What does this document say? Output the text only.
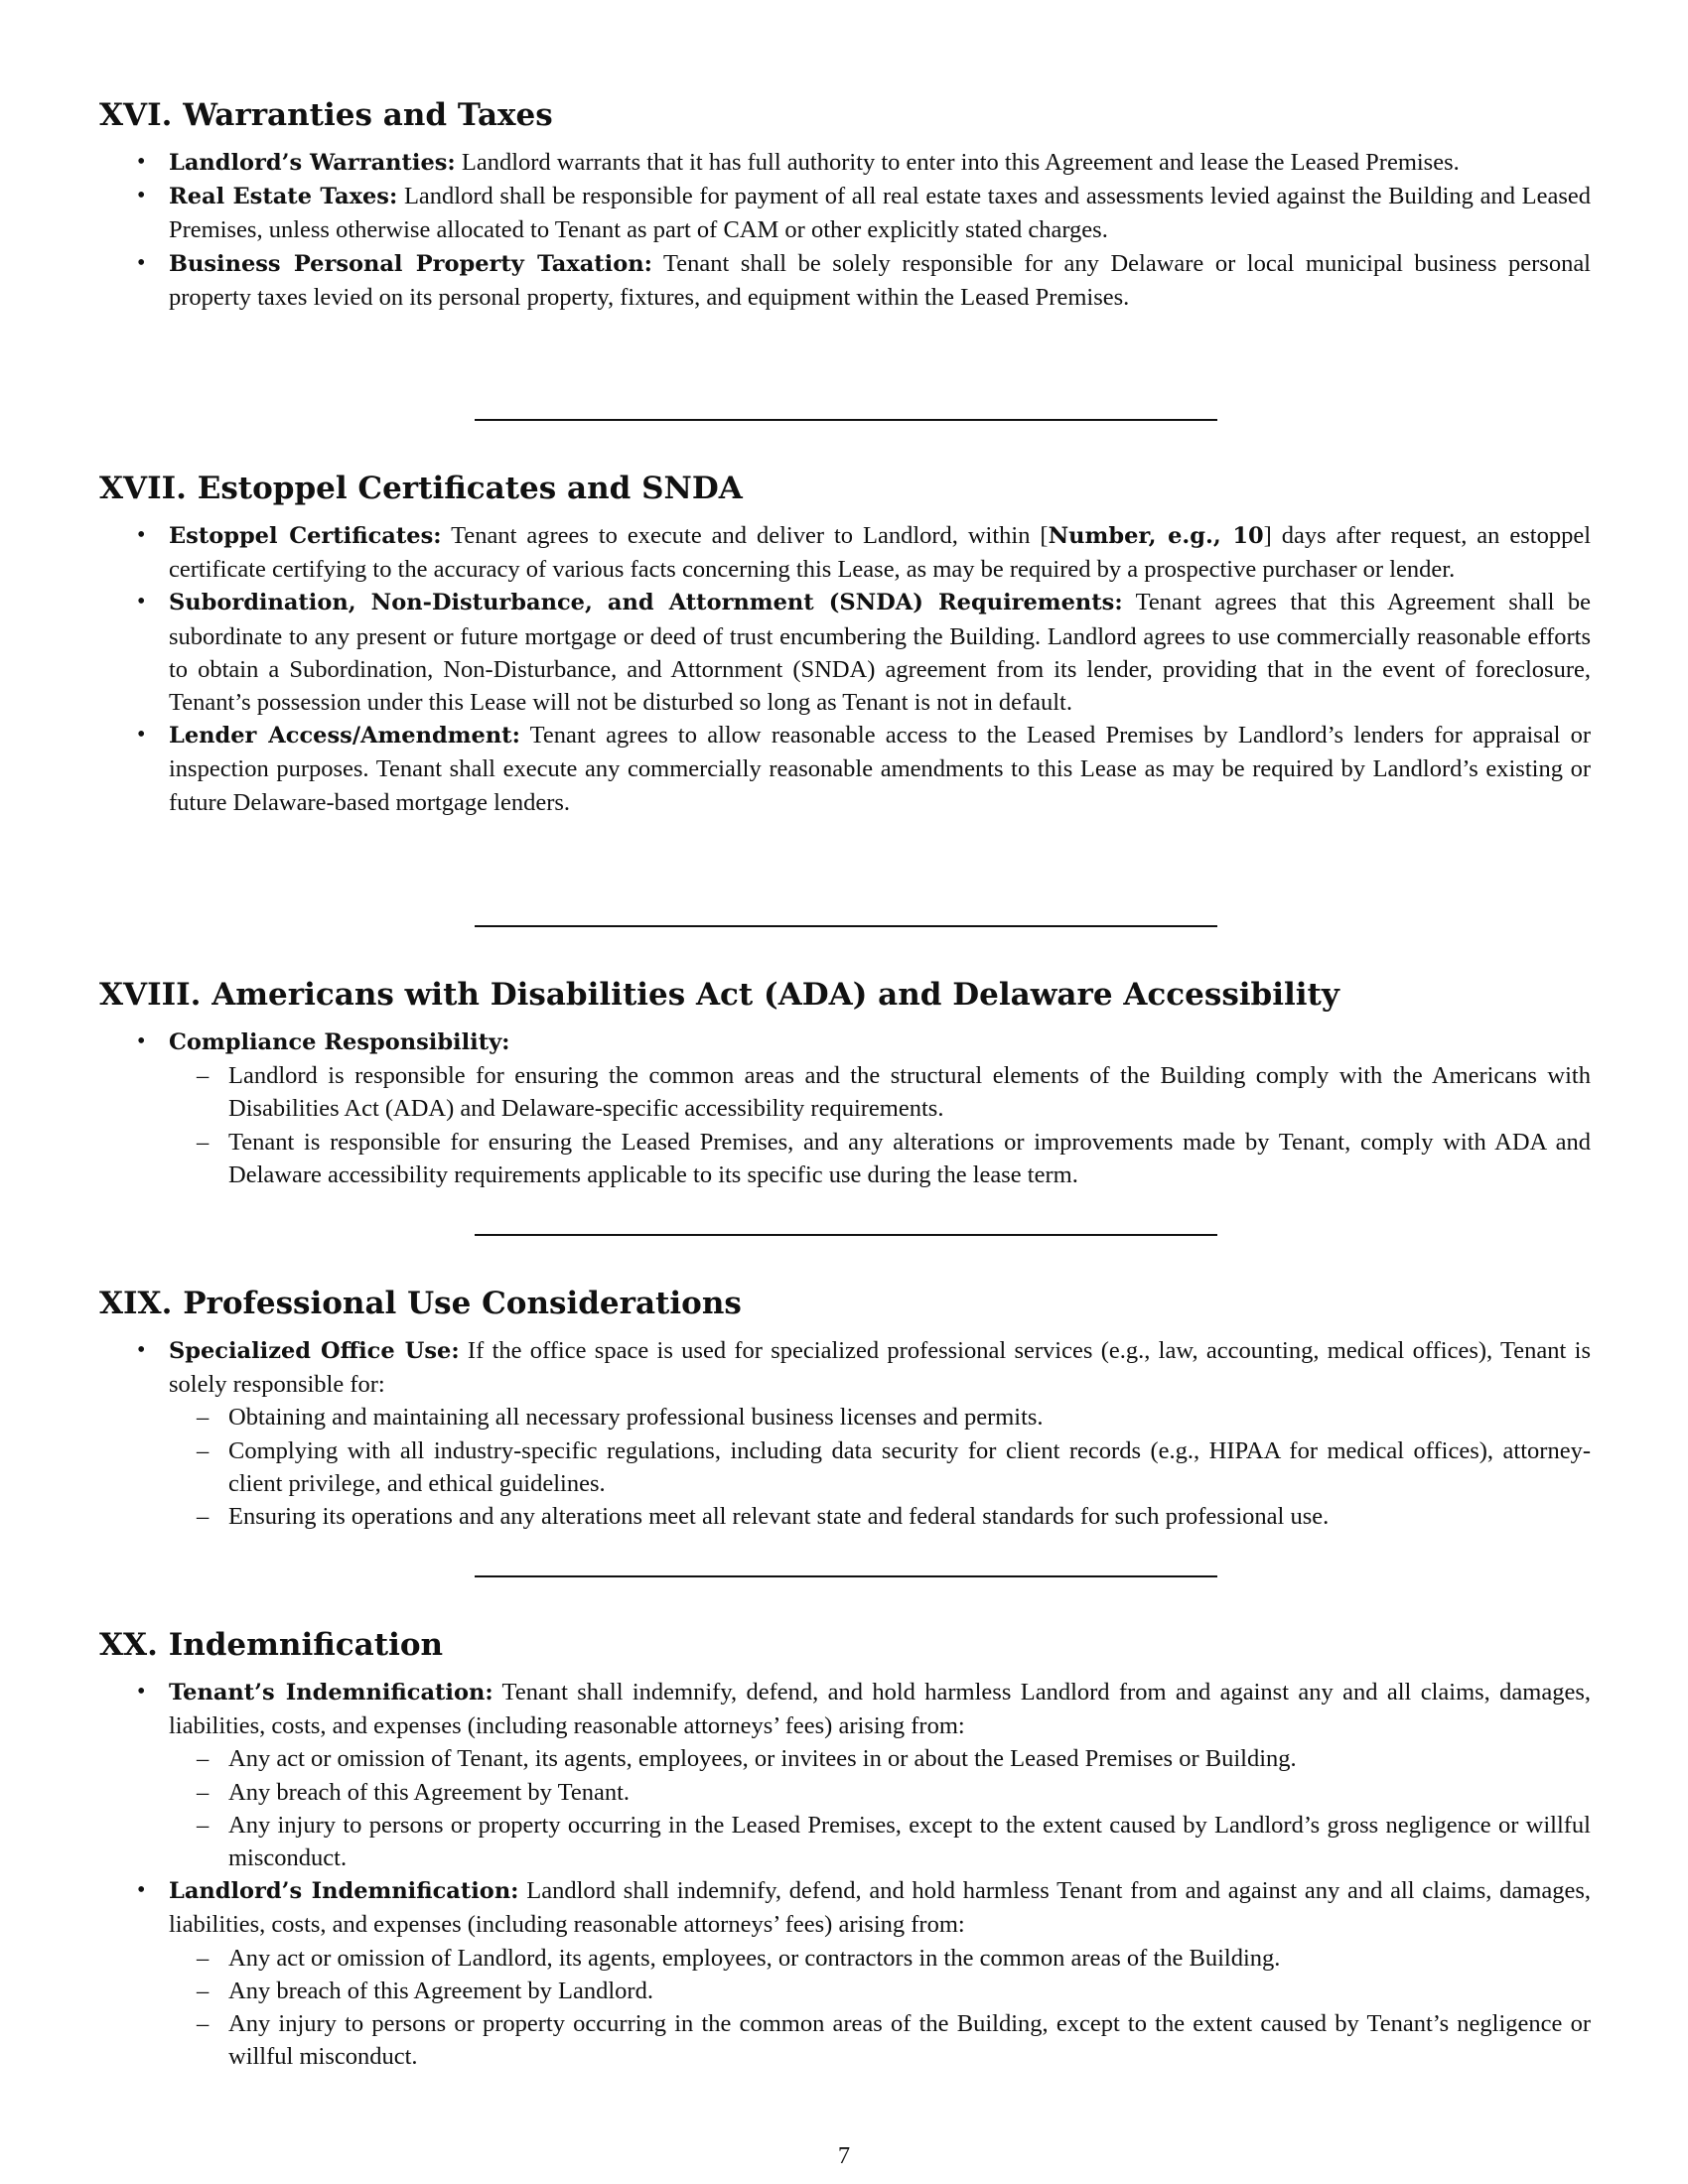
XVI. Warranties and Taxes
• Landlord’s Warranties: Landlord warrants that it has full authority to enter into this Agreement and lease the Leased Premises.
• Real Estate Taxes: Landlord shall be responsible for payment of all real estate taxes and assessments levied against the Building and Leased Premises, unless otherwise allocated to Tenant as part of CAM or other explicitly stated charges.
• Business Personal Property Taxation: Tenant shall be solely responsible for any Delaware or local municipal business personal property taxes levied on its personal property, fixtures, and equipment within the Leased Premises.
XVII. Estoppel Certificates and SNDA
• Estoppel Certificates: Tenant agrees to execute and deliver to Landlord, within [Number, e.g., 10] days after request, an estoppel certificate certifying to the accuracy of various facts concerning this Lease, as may be required by a prospective purchaser or lender.
• Subordination, Non-Disturbance, and Attornment (SNDA) Requirements: Tenant agrees that this Agreement shall be subordinate to any present or future mortgage or deed of trust encumbering the Building. Landlord agrees to use commercially reasonable efforts to obtain a Subordination, Non-Disturbance, and Attornment (SNDA) agreement from its lender, providing that in the event of foreclosure, Tenant’s possession under this Lease will not be disturbed so long as Tenant is not in default.
• Lender Access/Amendment: Tenant agrees to allow reasonable access to the Leased Premises by Landlord’s lenders for appraisal or inspection purposes. Tenant shall execute any commercially reasonable amendments to this Lease as may be required by Landlord’s existing or future Delaware-based mortgage lenders.
XVIII. Americans with Disabilities Act (ADA) and Delaware Accessibility
• Compliance Responsibility:
– Landlord is responsible for ensuring the common areas and the structural elements of the Building comply with the Americans with Disabilities Act (ADA) and Delaware-specific accessibility requirements.
– Tenant is responsible for ensuring the Leased Premises, and any alterations or improvements made by Tenant, comply with ADA and Delaware accessibility requirements applicable to its specific use during the lease term.
XIX. Professional Use Considerations
• Specialized Office Use: If the office space is used for specialized professional services (e.g., law, accounting, medical offices), Tenant is solely responsible for:
– Obtaining and maintaining all necessary professional business licenses and permits.
– Complying with all industry-specific regulations, including data security for client records (e.g., HIPAA for medical offices), attorney-client privilege, and ethical guidelines.
– Ensuring its operations and any alterations meet all relevant state and federal standards for such professional use.
XX. Indemnification
• Tenant’s Indemnification: Tenant shall indemnify, defend, and hold harmless Landlord from and against any and all claims, damages, liabilities, costs, and expenses (including reasonable attorneys’ fees) arising from:
– Any act or omission of Tenant, its agents, employees, or invitees in or about the Leased Premises or Building.
– Any breach of this Agreement by Tenant.
– Any injury to persons or property occurring in the Leased Premises, except to the extent caused by Landlord’s gross negligence or willful misconduct.
• Landlord’s Indemnification: Landlord shall indemnify, defend, and hold harmless Tenant from and against any and all claims, damages, liabilities, costs, and expenses (including reasonable attorneys’ fees) arising from:
– Any act or omission of Landlord, its agents, employees, or contractors in the common areas of the Building.
– Any breach of this Agreement by Landlord.
– Any injury to persons or property occurring in the common areas of the Building, except to the extent caused by Tenant’s negligence or willful misconduct.
7
